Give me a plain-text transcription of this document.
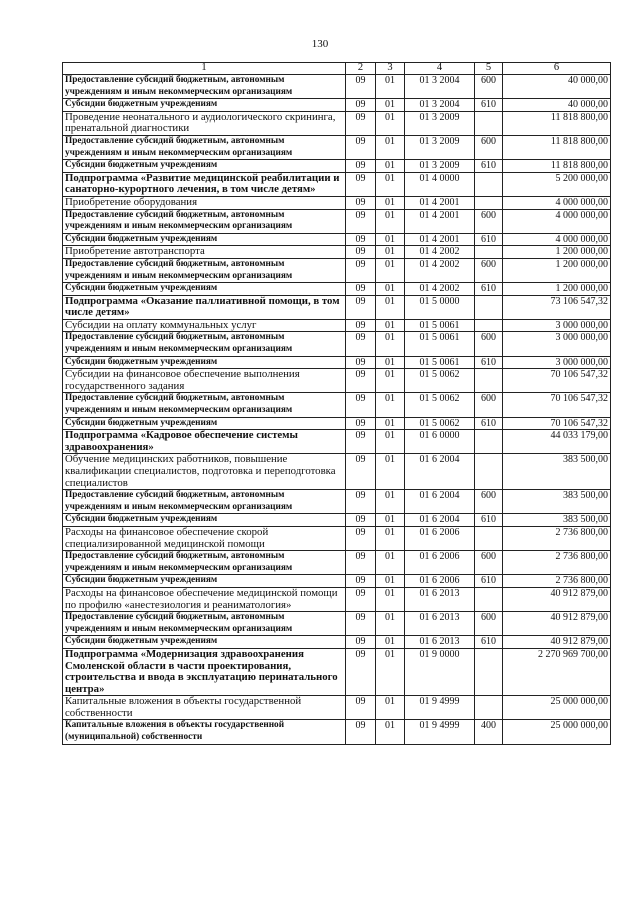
130
1	2	3	4	5	6
Предоставление субсидий бюджетным, автономным учреждениям и иным некоммерческим организациям	09	01	01 3 2004	600	40 000,00
Субсидии бюджетным учреждениям	09	01	01 3 2004	610	40 000,00
Проведение неонатального и аудиологического скрининга, пренатальной диагностики	09	01	01 3 2009		11 818 800,00
Предоставление субсидий бюджетным, автономным учреждениям и иным некоммерческим организациям	09	01	01 3 2009	600	11 818 800,00
Субсидии бюджетным учреждениям	09	01	01 3 2009	610	11 818 800,00
Подпрограмма «Развитие медицинской реабилитации и санаторно-курортного лечения, в том числе детям»	09	01	01 4 0000		5 200 000,00
Приобретение оборудования	09	01	01 4 2001		4 000 000,00
Предоставление субсидий бюджетным, автономным учреждениям и иным некоммерческим организациям	09	01	01 4 2001	600	4 000 000,00
Субсидии бюджетным учреждениям	09	01	01 4 2001	610	4 000 000,00
Приобретение автотранспорта	09	01	01 4 2002		1 200 000,00
Предоставление субсидий бюджетным, автономным учреждениям и иным некоммерческим организациям	09	01	01 4 2002	600	1 200 000,00
Субсидии бюджетным учреждениям	09	01	01 4 2002	610	1 200 000,00
Подпрограмма «Оказание паллиативной помощи, в том числе детям»	09	01	01 5 0000		73 106 547,32
Субсидии на оплату коммунальных услуг	09	01	01 5 0061		3 000 000,00
Предоставление субсидий бюджетным, автономным учреждениям и иным некоммерческим организациям	09	01	01 5 0061	600	3 000 000,00
Субсидии бюджетным учреждениям	09	01	01 5 0061	610	3 000 000,00
Субсидии на финансовое обеспечение выполнения государственного задания	09	01	01 5 0062		70 106 547,32
Предоставление субсидий бюджетным, автономным учреждениям и иным некоммерческим организациям	09	01	01 5 0062	600	70 106 547,32
Субсидии бюджетным учреждениям	09	01	01 5 0062	610	70 106 547,32
Подпрограмма «Кадровое обеспечение системы здравоохранения»	09	01	01 6 0000		44 033 179,00
Обучение медицинских работников, повышение квалификации специалистов, подготовка и переподготовка специалистов	09	01	01 6 2004		383 500,00
Предоставление субсидий бюджетным, автономным учреждениям и иным некоммерческим организациям	09	01	01 6 2004	600	383 500,00
Субсидии бюджетным учреждениям	09	01	01 6 2004	610	383 500,00
Расходы на финансовое обеспечение скорой специализированной медицинской помощи	09	01	01 6 2006		2 736 800,00
Предоставление субсидий бюджетным, автономным учреждениям и иным некоммерческим организациям	09	01	01 6 2006	600	2 736 800,00
Субсидии бюджетным учреждениям	09	01	01 6 2006	610	2 736 800,00
Расходы на финансовое обеспечение медицинской помощи по профилю «анестезиология и реаниматология»	09	01	01 6 2013		40 912 879,00
Предоставление субсидий бюджетным, автономным учреждениям и иным некоммерческим организациям	09	01	01 6 2013	600	40 912 879,00
Субсидии бюджетным учреждениям	09	01	01 6 2013	610	40 912 879,00
Подпрограмма «Модернизация здравоохранения Смоленской области в части проектирования, строительства и ввода в эксплуатацию перинатального центра»	09	01	01 9 0000		2 270 969 700,00
Капитальные вложения в объекты государственной собственности	09	01	01 9 4999		25 000 000,00
Капитальные вложения в объекты государственной (муниципальной) собственности	09	01	01 9 4999	400	25 000 000,00
